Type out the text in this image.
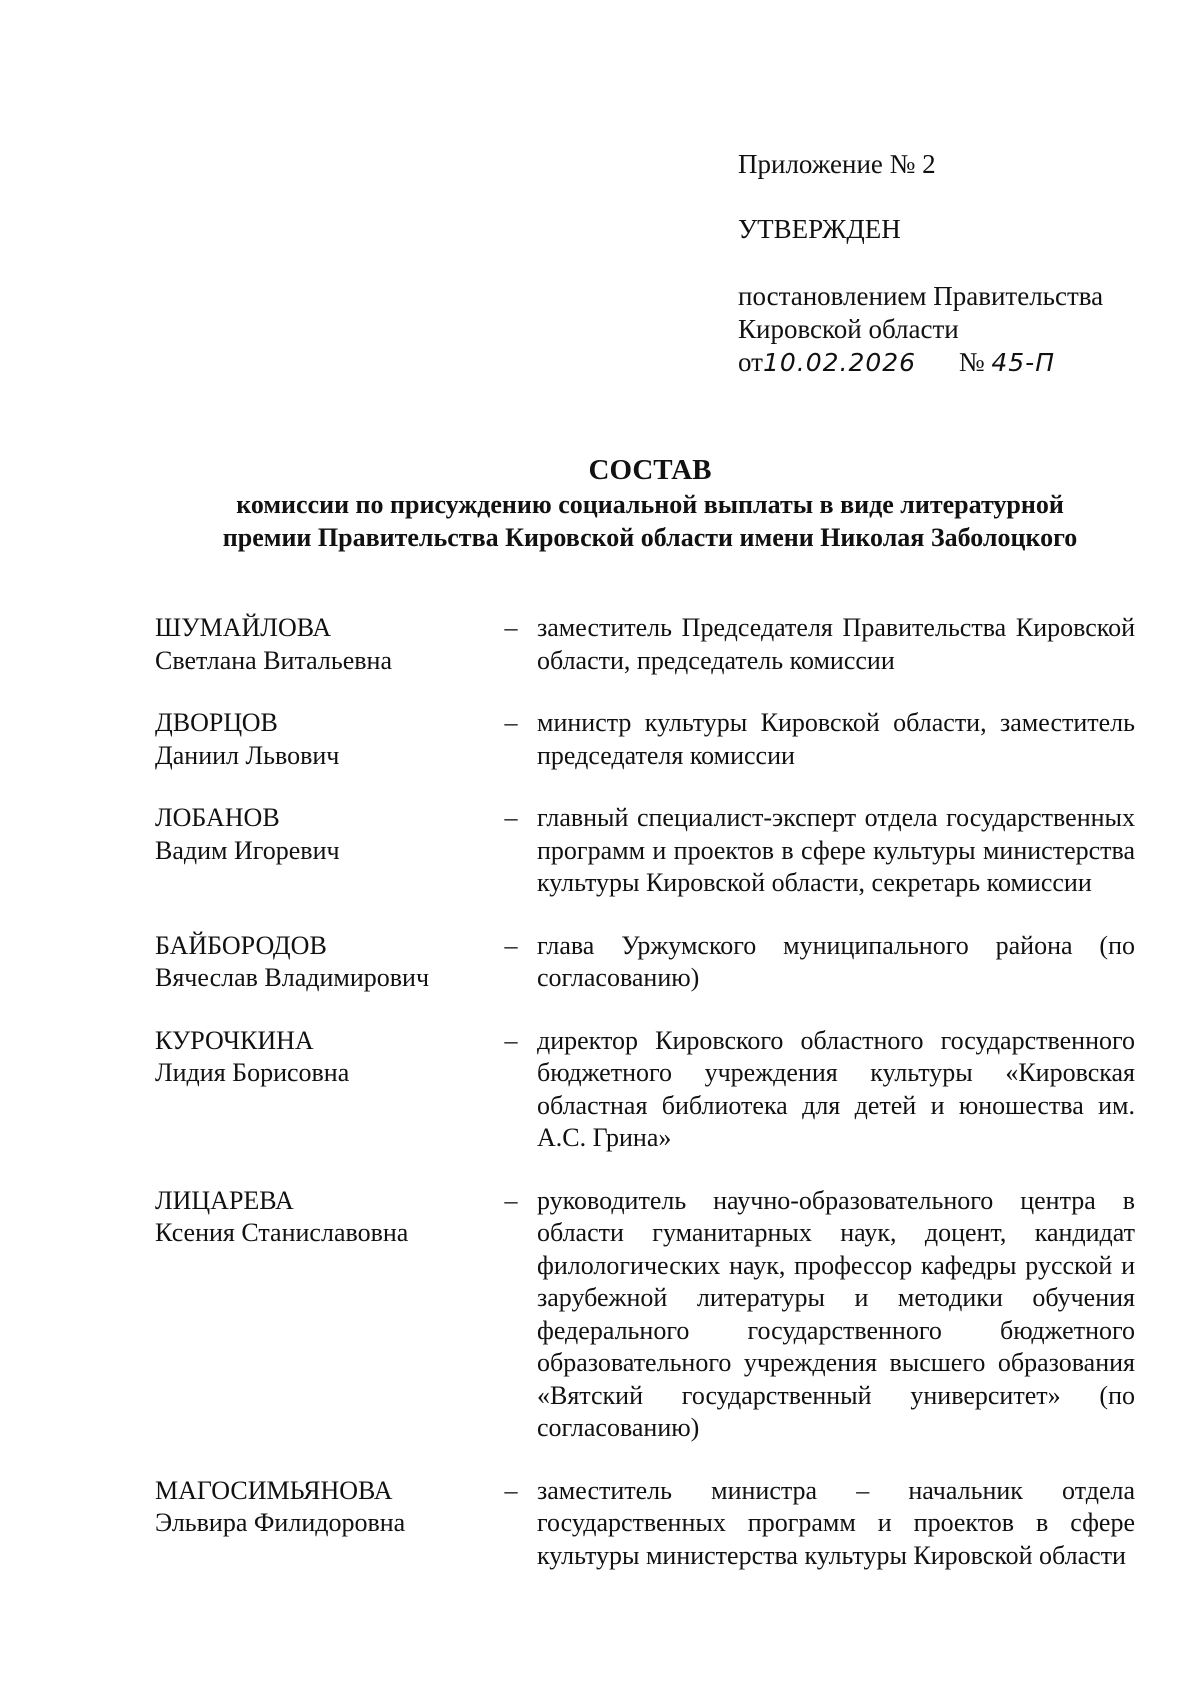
Приложение № 2
УТВЕРЖДЕН
постановлением Правительства
Кировской области
от10.02.2026 № 45-П
СОСТАВ
комиссии по присуждению социальной выплаты в виде литературной
премии Правительства Кировской области имени Николая Заболоцкого
ШУМАЙЛОВА
Светлана Витальевна
– заместитель Председателя Правительства Кировской области, председатель комиссии
ДВОРЦОВ
Даниил Львович
– министр культуры Кировской области, заместитель председателя комиссии
ЛОБАНОВ
Вадим Игоревич
– главный специалист-эксперт отдела государственных программ и проектов в сфере культуры министерства культуры Кировской области, секретарь комиссии
БАЙБОРОДОВ
Вячеслав Владимирович
– глава Уржумского муниципального района (по согласованию)
КУРОЧКИНА
Лидия Борисовна
– директор Кировского областного государственного бюджетного учреждения культуры «Кировская областная библиотека для детей и юношества им. А.С. Грина»
ЛИЦАРЕВА
Ксения Станиславовна
– руководитель научно-образовательного центра в области гуманитарных наук, доцент, кандидат филологических наук, профессор кафедры русской и зарубежной литературы и методики обучения федерального государственного бюджетного образовательного учреждения высшего образования «Вятский государственный университет» (по согласованию)
МАГОСИМЬЯНОВА
Эльвира Филидоровна
– заместитель министра – начальник отдела государственных программ и проектов в сфере культуры министерства культуры Кировской области
